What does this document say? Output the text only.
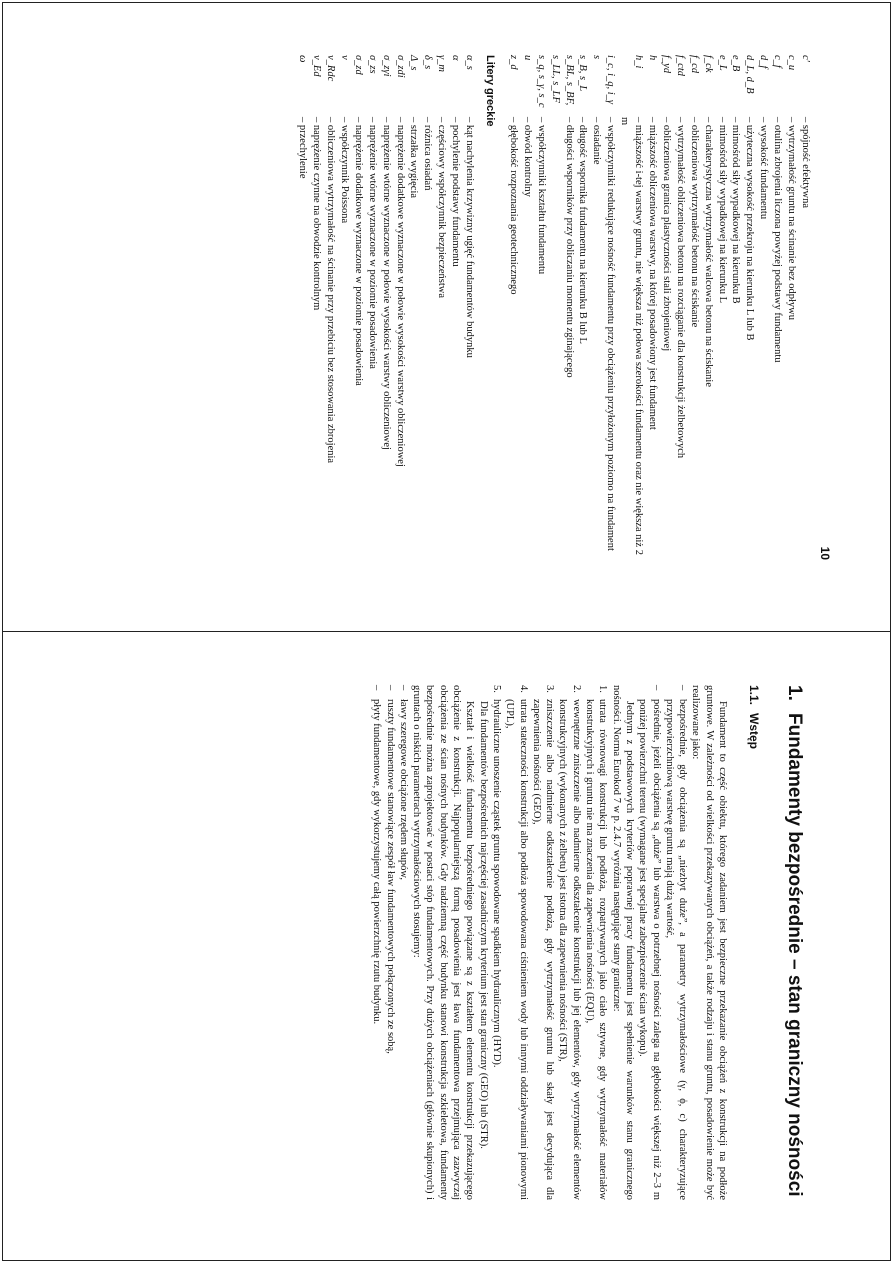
10
c′
– spójność efektywna
c_u
– wytrzymałość gruntu na ścinanie bez odpływu
c_f
– otulina zbrojenia liczona powyżej podstawy fundamentu
d_f
– wysokość fundamentu
d_L, d_B
– użyteczna wysokość przekroju na kierunku L lub B
e_B
– mimośród siły wypadkowej na kierunku B
e_L
– mimośród siły wypadkowej na kierunku L
f_ck
– charakterystyczna wytrzymałość walcowa betonu na ściskanie
f_cd
– obliczeniowa wytrzymałość betonu na ściskanie
f_ctd
– wytrzymałość obliczeniowa betonu na rozciąganie dla konstrukcji żelbetowych
f_yd
– obliczeniowa granica plastyczności stali zbrojeniowej
h
– miąższość obliczeniowa warstwy, na której posadowiony jest fundament
h_i
– miąższość i-tej warstwy gruntu, nie większa niż połowa szerokości fundamentu oraz nie większa niż 2 m
i_c, i_q, i_γ
– współczynniki redukujące nośność fundamentu przy obciążeniu przyłożonym poziomo na fundament
s
– osiadanie
s_B, s_L
– długość wspornika fundamentu na kierunku B lub L
s_BL, s_BF, s_LL, s_LF
– długości wsporników przy obliczaniu momentu zginającego
s_q, s_γ, s_c
– współczynniki kształtu fundamentu
u
– obwód kontrolny
z_d
– głębokość rozpoznania geotechnicznego
Litery greckie
α_s
– kąt nachylenia krzywizny ugięć fundamentów budynku
α
– pochylenie podstawy fundamentu
γ_m
– częściowy współczynnik bezpieczeństwa
δ_s
– różnica osiadań
Δ_s
– strzałka wygięcia
σ_zdi
– naprężenie dodatkowe wyznaczone w połowie wysokości warstwy obliczeniowej
σ_zγi
– naprężenie wtórne wyznaczone w połowie wysokości warstwy obliczeniowej
σ_zs
– naprężenie wtórne wyznaczone w poziomie posadowienia
σ_zd
– naprężenie dodatkowe wyznaczone w poziomie posadowienia
ν
– współczynnik Poissona
ν_Rdc
– obliczeniowa wytrzymałość na ścinanie przy przebiciu bez stosowania zbrojenia
ν_Ed
– naprężenie czynne na obwodzie kontrolnym
ω
– przechylenie
1.
Fundamenty bezpośrednie – stan graniczny nośności
1.1.
Wstęp

Fundament to część obiektu, którego zadaniem jest bezpieczne przekazanie obciążeń z konstrukcji na podłoże gruntowe. W zależności od wielkości przekazywanych obciążeń, a także rodzaju i stanu gruntu, posadowienie może być realizowane jako:

–
bezpośrednie, gdy obciążenia są „niezbyt duże”, a parametry wytrzymałościowe (γ, ϕ, c) charakteryzujące przypowierzchniową warstwę gruntu mają dużą wartość,
–
pośrednie, jeżeli obciążenia są „duże” lub warstwa o potrzebnej nośności zalega na głębokości większej niż 2–3 m poniżej powierzchni terenu (wymagane jest specjalne zabezpieczenie ścian wykopu).

Jednym z podstawowych kryteriów poprawnej pracy fundamentu jest spełnienie warunków stanu granicznego nośności. Norma Eurokod 7 w p. 2.4.7 wyróżnia następujące stany graniczne:

1.
utrata równowagi konstrukcji lub podłoża, rozpatrywanych jako ciało sztywne, gdy wytrzymałość materiałów konstrukcyjnych i gruntu nie ma znaczenia dla zapewnienia nośności (EQU),
2.
wewnętrzne zniszczenie albo nadmierne odkształcenie konstrukcji lub jej elementów, gdy wytrzymałość elementów konstrukcyjnych (wykonanych z żelbetu) jest istotna dla zapewnienia nośności (STR),
3.
zniszczenie albo nadmierne odkształcenie podłoża, gdy wytrzymałość gruntu lub skały jest decydująca dla zapewnienia nośności (GEO),
4.
utrata stateczności konstrukcji albo podłoża spowodowana ciśnieniem wody lub innymi oddziaływaniami pionowymi (UPL),
5.
hydrauliczne unoszenie cząstek gruntu spowodowane spadkiem hydraulicznym (HYD).

Dla fundamentów bezpośrednich najczęściej zasadniczym kryterium jest stan graniczny (GEO) lub (STR).

Kształt i wielkość fundamentu bezpośredniego powiązane są z kształtem elementu konstrukcji przekazującego obciążenie z konstrukcji. Najpopularniejszą formą posadowienia jest ława fundamentowa przejmująca zazwyczaj obciążenia ze ścian nośnych budynków. Gdy nadziemną część budynku stanowi konstrukcja szkieletowa, fundamenty bezpośrednie można zaprojektować w postaci stóp fundamentowych. Przy dużych obciążeniach (głównie skupionych) i gruntach o niskich parametrach wytrzymałościowych stosujemy:

–
ławy szeregowe obciążone rzędem słupów,
–
ruszty fundamentowe stanowiące zespół ław fundamentowych połączonych ze sobą,
–
płyty fundamentowe, gdy wykorzystujemy całą powierzchnię rzutu budynku.
